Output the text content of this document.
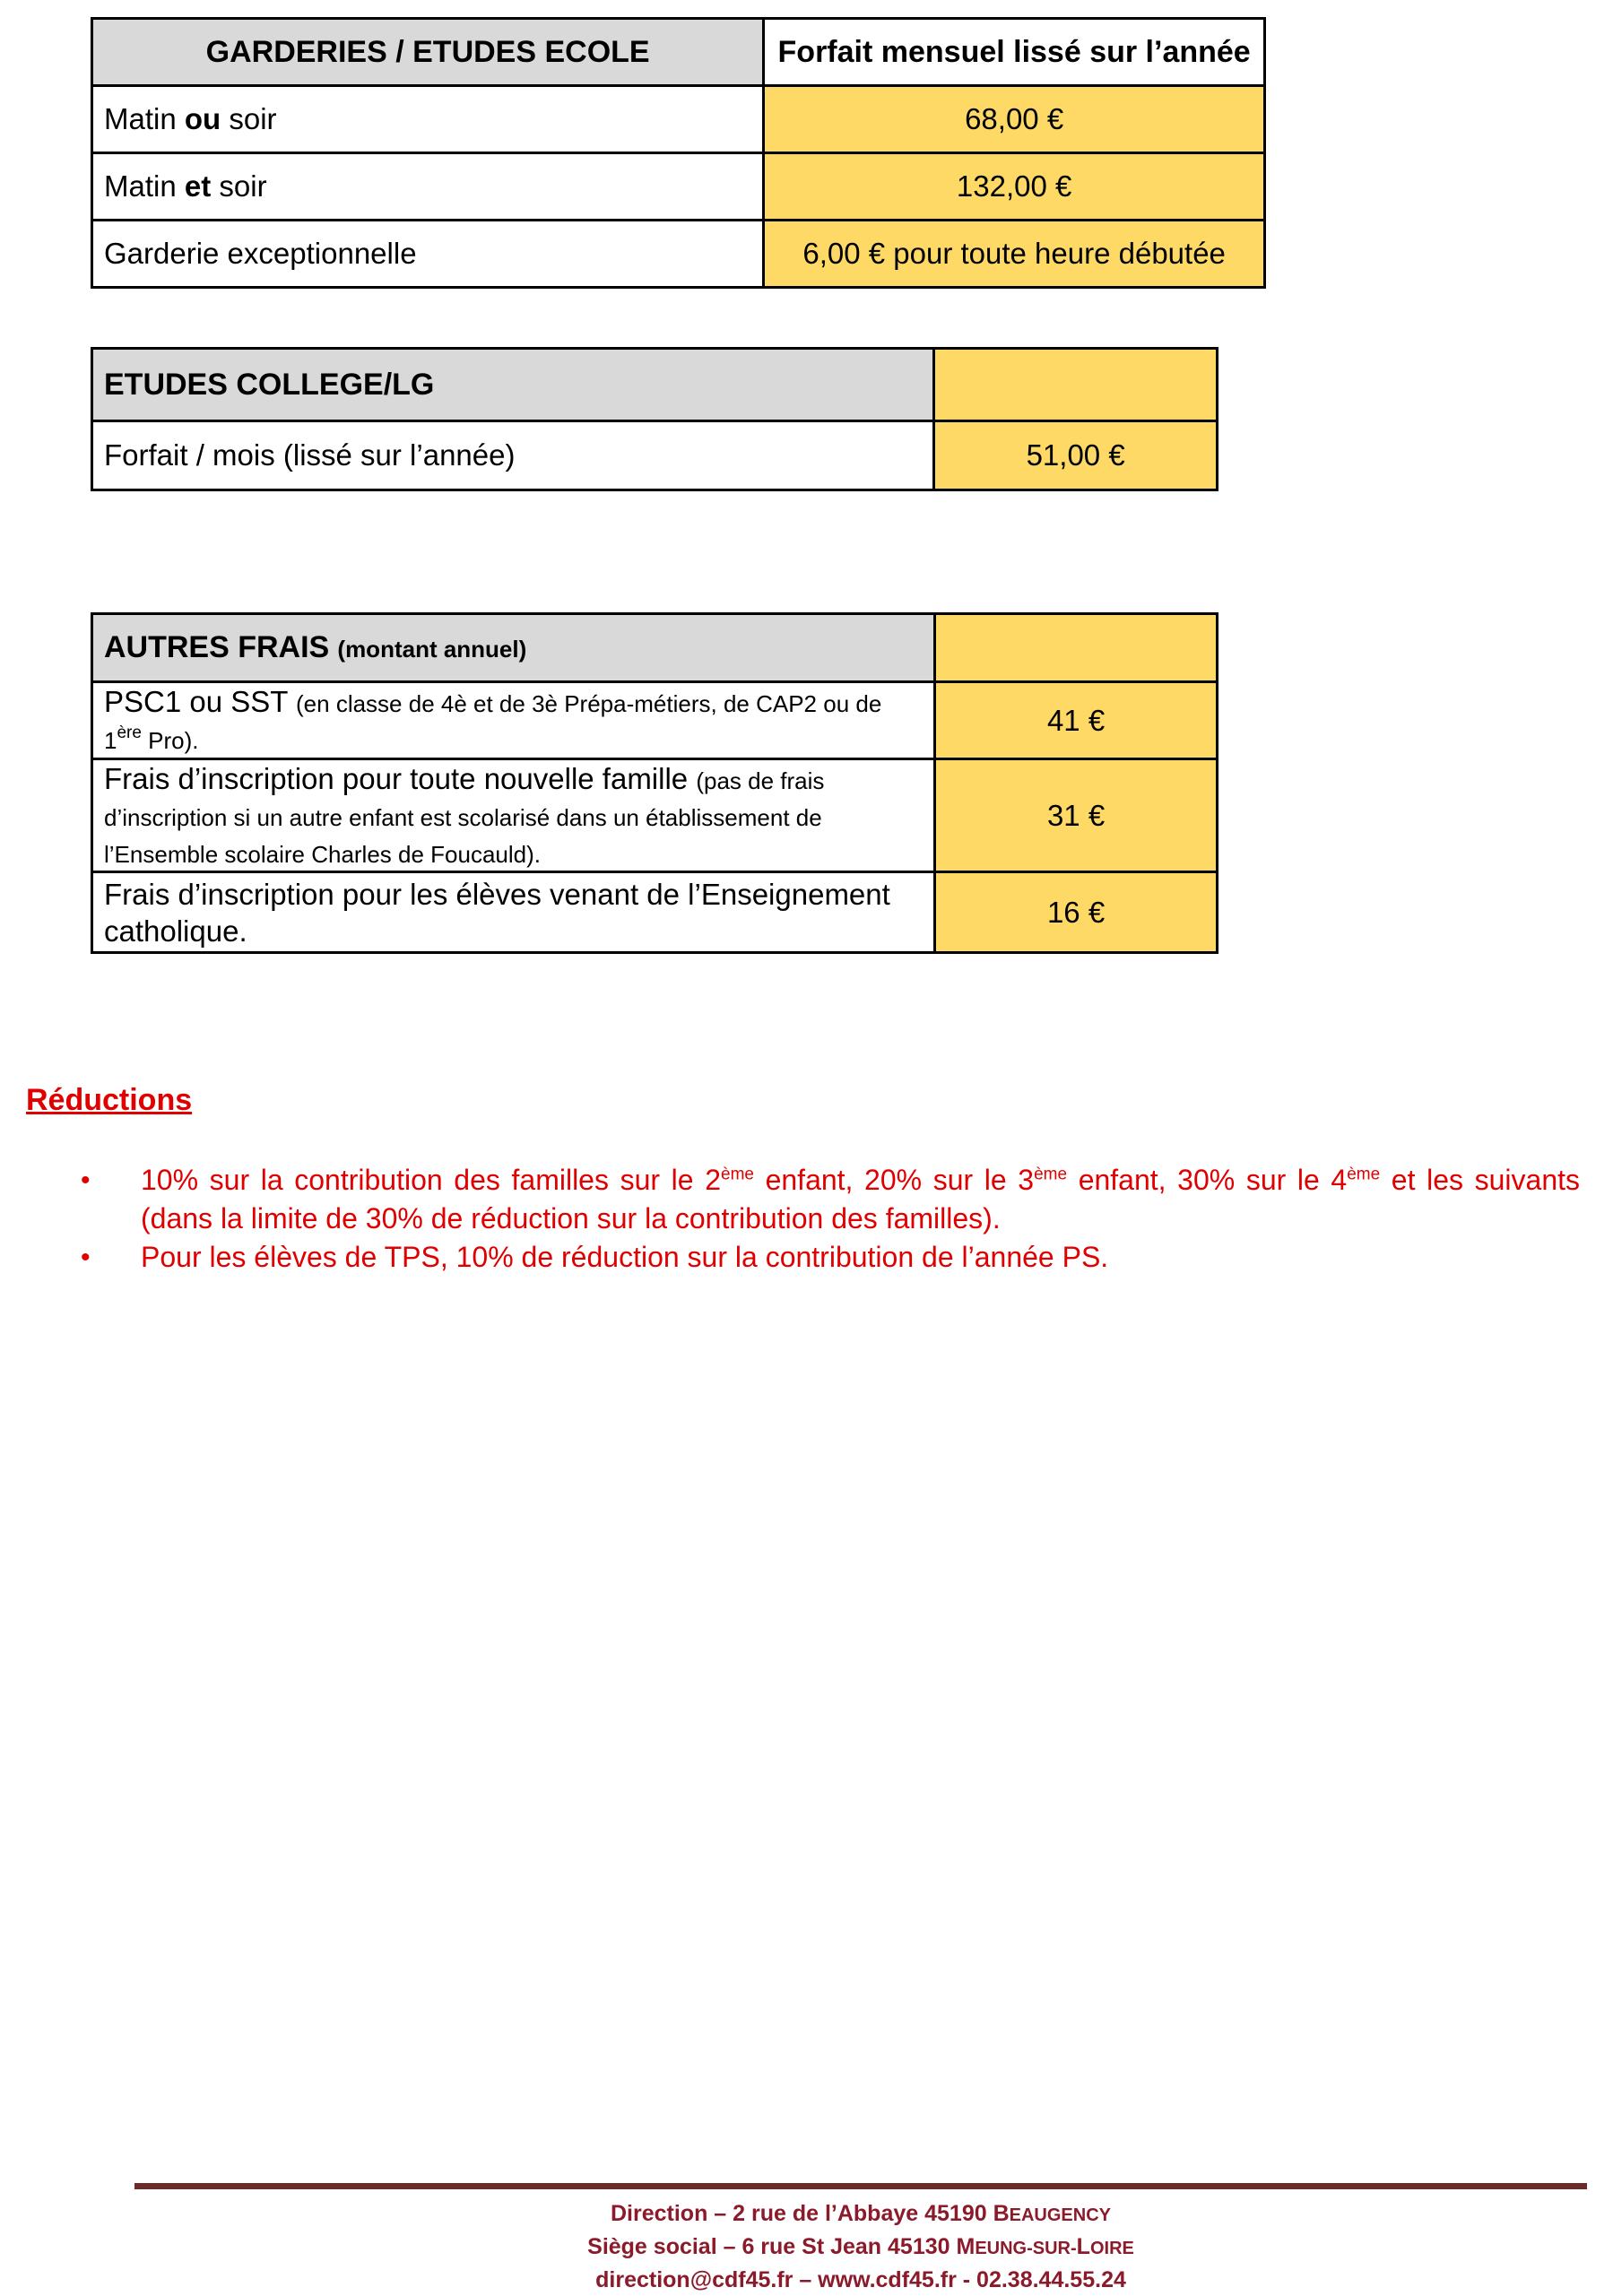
GARDERIES / ETUDES ECOLE	Forfait mensuel lissé sur l’année
Matin ou soir	68,00 €
Matin et soir	132,00 €
Garderie exceptionnelle	6,00 € pour toute heure débutée
ETUDES COLLEGE/LG	
Forfait / mois (lissé sur l’année)	51,00 €
AUTRES FRAIS (montant annuel)	
PSC1 ou SST (en classe de 4è et de 3è Prépa-métiers, de CAP2 ou de 1ère Pro).	41 €
Frais d’inscription pour toute nouvelle famille (pas de frais d’inscription si un autre enfant est scolarisé dans un établissement de l’Ensemble scolaire Charles de Foucauld).	31 €
Frais d’inscription pour les élèves venant de l’Enseignement catholique.	16 €
Réductions
• 10% sur la contribution des familles sur le 2ème enfant, 20% sur le 3ème enfant, 30% sur le 4ème et les suivants (dans la limite de 30% de réduction sur la contribution des familles).
• Pour les élèves de TPS, 10% de réduction sur la contribution de l’année PS.
Direction – 2 rue de l’Abbaye 45190 BEAUGENCY
Siège social – 6 rue St Jean 45130 MEUNG-SUR-LOIRE
direction@cdf45.fr – www.cdf45.fr - 02.38.44.55.24
